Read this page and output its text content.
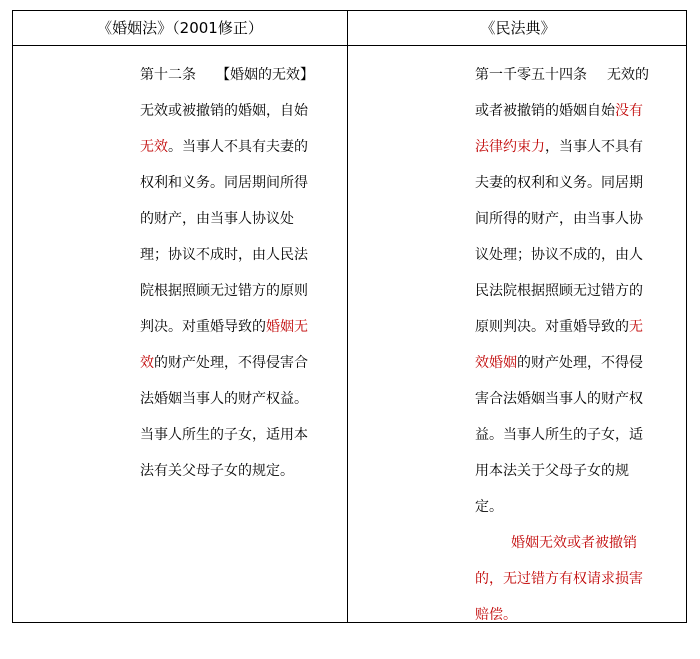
《婚姻法》（2001修正）	《民法典》
第十二条 【婚姻的无效】
无效或被撤销的婚姻，自始
无效。当事人不具有夫妻的
权利和义务。同居期间所得
的财产，由当事人协议处
理；协议不成时，由人民法
院根据照顾无过错方的原则
判决。对重婚导致的婚姻无
效的财产处理，不得侵害合
法婚姻当事人的财产权益。
当事人所生的子女，适用本
法有关父母子女的规定。
第一千零五十四条 无效的
或者被撤销的婚姻自始没有
法律约束力，当事人不具有
夫妻的权利和义务。同居期
间所得的财产，由当事人协
议处理；协议不成的，由人
民法院根据照顾无过错方的
原则判决。对重婚导致的无
效婚姻的财产处理，不得侵
害合法婚姻当事人的财产权
益。当事人所生的子女，适
用本法关于父母子女的规
定。
婚姻无效或者被撤销
的，无过错方有权请求损害
赔偿。
